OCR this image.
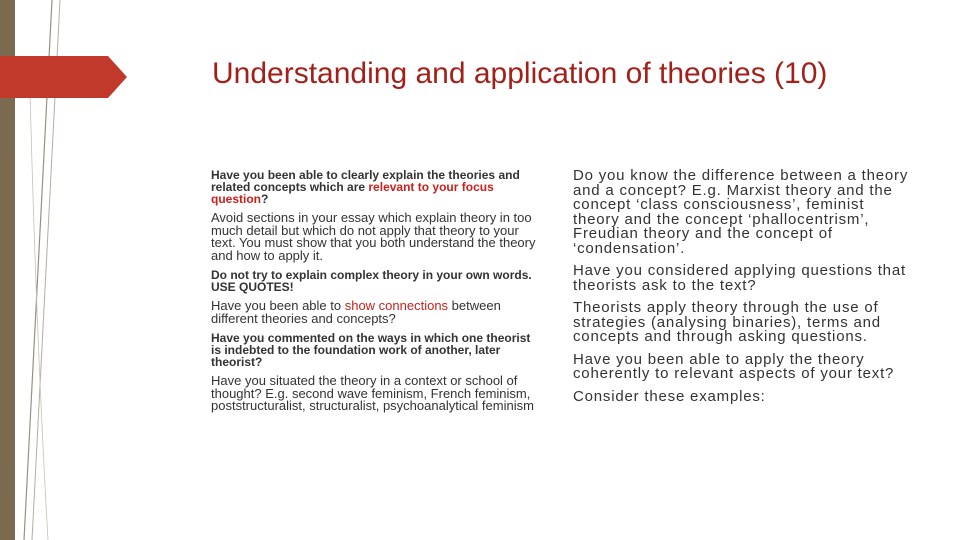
Understanding and application of theories (10)
Have you been able to clearly explain the theories and related concepts which are relevant to your focus question?
Avoid sections in your essay which explain theory in too much detail but which do not apply that theory to your text. You must show that you both understand the theory and how to apply it.
Do not try to explain complex theory in your own words. USE QUOTES!
Have you been able to show connections between different theories and concepts?
Have you commented on the ways in which one theorist is indebted to the foundation work of another, later theorist?
Have you situated the theory in a context or school of thought? E.g. second wave feminism, French feminism, poststructuralist, structuralist, psychoanalytical feminism
Do you know the difference between a theory and a concept? E.g. Marxist theory and the concept ‘class consciousness’, feminist theory and the concept ‘phallocentrism’, Freudian theory and the concept of ‘condensation’.
Have you considered applying questions that theorists ask to the text?
Theorists apply theory through the use of strategies (analysing binaries), terms and concepts and through asking questions.
Have you been able to apply the theory coherently to relevant aspects of your text?
Consider these examples:
